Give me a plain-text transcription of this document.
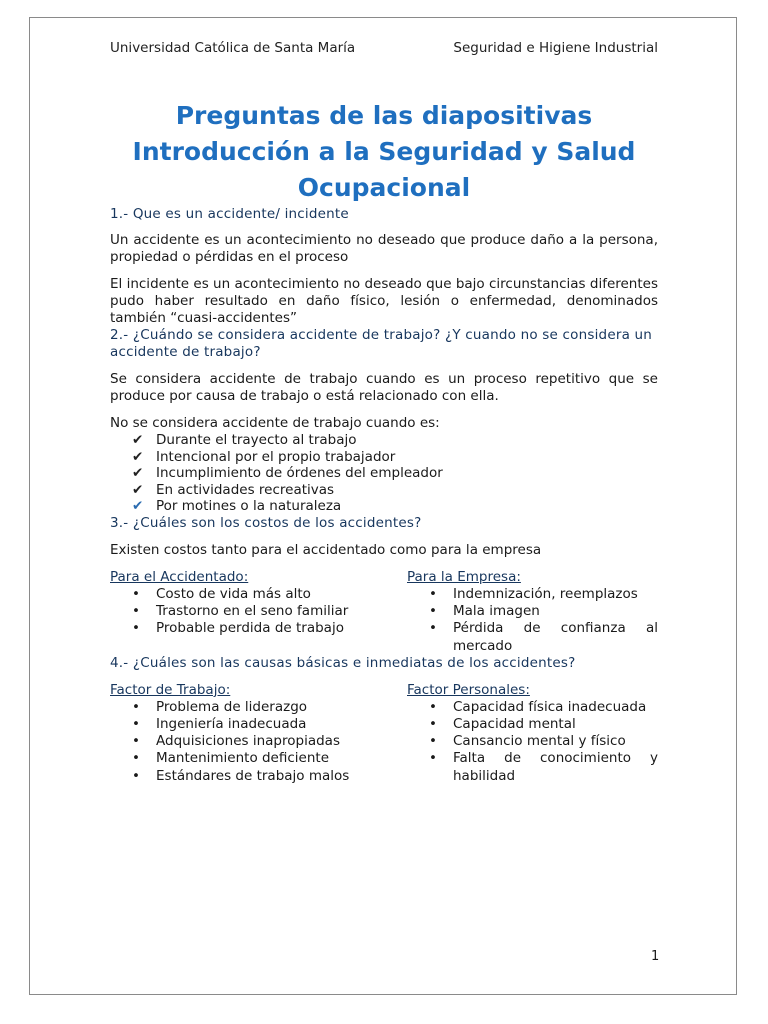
Universidad Católica de Santa María	Seguridad e Higiene Industrial
Preguntas de las diapositivas
Introducción a la Seguridad y Salud
Ocupacional
1.- Que es un accidente/ incidente

Un accidente es un acontecimiento no deseado que produce daño a la persona, propiedad o pérdidas en el proceso

El incidente es un acontecimiento no deseado que bajo circunstancias diferentes pudo haber resultado en daño físico, lesión o enfermedad, denominados también “cuasi-accidentes”

2.- ¿Cuándo se considera accidente de trabajo? ¿Y cuando no se considera un accidente de trabajo?

Se considera accidente de trabajo cuando es un proceso repetitivo que se produce por causa de trabajo o está relacionado con ella.

No se considera accidente de trabajo cuando es:

✔ Durante el trayecto al trabajo
✔ Intencional por el propio trabajador
✔ Incumplimiento de órdenes del empleador
✔ En actividades recreativas
✔ Por motines o la naturaleza
3.- ¿Cuáles son los costos de los accidentes?

Existen costos tanto para el accidentado como para la empresa

Para el Accidentado:
• Costo de vida más alto
• Trastorno en el seno familiar
• Probable perdida de trabajo
Para la Empresa:
• Indemnización, reemplazos
• Mala imagen
• Pérdida de confianza al mercado
4.- ¿Cuáles son las causas básicas e inmediatas de los accidentes?
Factor de Trabajo:
• Problema de liderazgo
• Ingeniería inadecuada
• Adquisiciones inapropiadas
• Mantenimiento deficiente
• Estándares de trabajo malos
Factor Personales:
• Capacidad física inadecuada
• Capacidad mental
• Cansancio mental y físico
• Falta de conocimiento y habilidad
1
